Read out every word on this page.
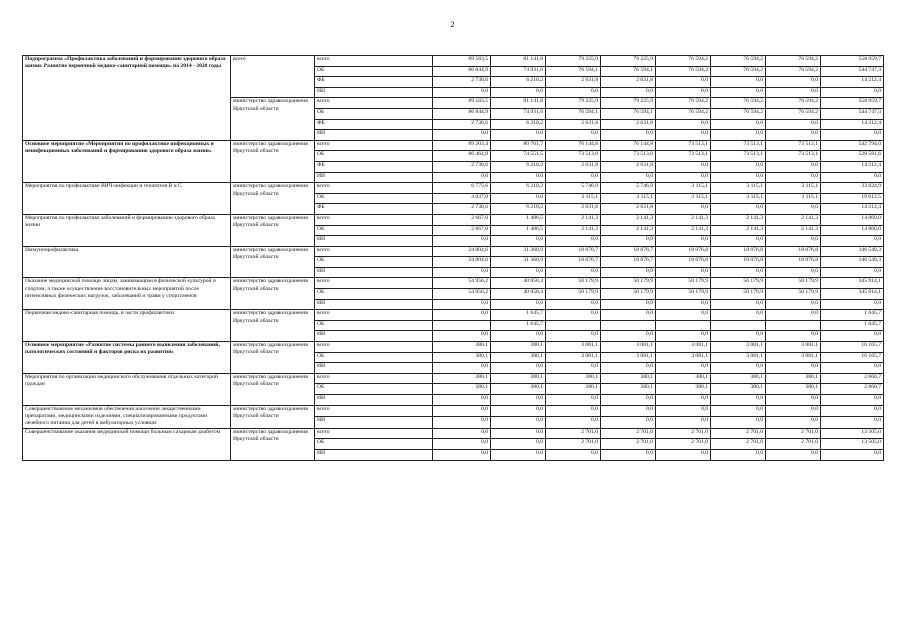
2
Подпрограмма «Профилактика заболеваний и формирование здорового образа жизни. Развитие первичной медико-санитарной помощи» на 2014 - 2020 годы	всего	всего	89 583,5	81 141,8	79 225,9	79 225,9	76 594,2	76 594,2	76 594,2	558 959,7
		ОБ	86 844,9	74 931,6	76 594,1	76 594,1	76 594,2	76 594,2	76 594,2	544 747,3
		ФБ	2 738,6	6 210,2	2 631,8	2 631,8	0,0	0,0	0,0	14 212,4
		ИИ	0,0	0,0	0,0	0,0	0,0	0,0	0,0	0,0
	министерство здравоохранения Иркутской области	всего	89 583,5	81 141,8	79 225,9	79 225,9	76 594,2	76 594,2	76 594,2	558 959,7
		ОБ	86 844,9	74 931,6	76 594,1	76 594,1	76 594,2	76 594,2	76 594,2	544 747,3
		ФБ	2 738,6	6 210,2	2 631,8	2 631,8	0,0	0,0	0,0	14 212,4
		ИИ	0,0	0,0	0,0	0,0	0,0	0,0	0,0	0,0
Основное мероприятие «Мероприятия по профилактике инфекционных и неинфекционных заболеваний и формированию здорового образа жизни»	министерство здравоохранения Иркутской области	всего	89 203,4	80 761,7	76 144,8	76 144,8	73 513,1	73 513,1	73 513,1	542 794,0
		ОБ	86 464,8	74 551,5	73 513,0	73 513,0	73 513,1	73 513,1	73 513,1	528 581,6
		ФБ	2 738,6	6 210,2	2 631,8	2 631,8	0,0	0,0	0,0	14 212,4
		ИИ	0,0	0,0	0,0	0,0	0,0	0,0	0,0	0,0
Мероприятия по профилактике ВИЧ-инфекции и гепатитов В и С	министерство здравоохранения Иркутской области	всего	6 775,6	6 210,2	5 746,9	5 746,9	3 115,1	3 115,1	3 115,1	33 824,9
		ОБ	4 037,0	0,0	3 115,1	3 115,1	3 115,1	3 115,1	3 115,1	19 612,5
		ФБ	2 738,6	6 210,2	2 631,8	2 631,8	0,0	0,0	0,0	14 212,4
Мероприятия по профилактике заболеваний и формированию здорового образа жизни	министерство здравоохранения Иркутской области	всего	2 667,0	1 486,5	2 141,3	2 141,3	2 141,3	2 141,3	2 141,3	14 860,0
		ОБ	2 667,0	1 486,5	2 141,3	2 141,3	2 141,3	2 141,3	2 141,3	14 860,0
		ИИ	0,0	0,0	0,0	0,0	0,0	0,0	0,0	0,0
Иммунопрофилактика	министерство здравоохранения Иркутской области	всего	24 804,6	31 360,9	18 076,7	18 076,7	18 076,8	18 076,8	18 076,8	146 549,3
		ОБ	24 804,6	31 360,9	18 076,7	18 076,7	18 076,8	18 076,8	18 076,8	146 549,3
		ИИ	0,0	0,0	0,0	0,0	0,0	0,0	0,0	0,0
Оказание медицинской помощи лицам, занимающимся физической культурой и спортом, а также осуществление восстановительных мероприятий после интенсивных физических нагрузок, заболеваний и травм у спортсменов	министерство здравоохранения Иркутской области	всего	54 956,2	40 058,4	50 179,9	50 179,9	50 179,9	50 179,9	50 179,9	345 914,1
		ОБ	54 956,2	40 058,4	50 179,9	50 179,9	50 179,9	50 179,9	50 179,9	345 914,1
		ИИ	0,0	0,0	0,0	0,0	0,0	0,0	0,0	0,0
Первичная медико-санитарная помощь, в части профилактики	министерство здравоохранения Иркутской области	всего	0,0	1 645,7	0,0	0,0	0,0	0,0	0,0	1 645,7
		ОБ		1 645,7						1 645,7
		ИИ	0,0	0,0	0,0	0,0	0,0	0,0	0,0	0,0
Основное мероприятие «Развитие системы раннего выявления заболеваний, патологических состояний и факторов риска их развития»	министерство здравоохранения Иркутской области	всего	380,1	380,1	3 081,1	3 081,1	3 081,1	3 081,1	3 081,1	16 165,7
		ОБ	380,1	380,1	3 081,1	3 081,1	3 081,1	3 081,1	3 081,1	16 165,7
		ИИ	0,0	0,0	0,0	0,0	0,0	0,0	0,0	0,0
Мероприятия по организации медицинского обслуживания отдельных категорий граждан	министерство здравоохранения Иркутской области	всего	380,1	380,1	380,1	380,1	380,1	380,1	380,1	2 660,7
		ОБ	380,1	380,1	380,1	380,1	380,1	380,1	380,1	2 660,7
		ИИ	0,0	0,0	0,0	0,0	0,0	0,0	0,0	0,0
Совершенствование механизмов обеспечения населения лекарственными препаратами, медицинскими изделиями, специализированными продуктами лечебного питания для детей в амбулаторных условиях	министерство здравоохранения Иркутской области	всего	0,0	0,0	0,0	0,0	0,0	0,0	0,0	0,0
		ИИ	0,0	0,0	0,0	0,0	0,0	0,0	0,0	0,0
Совершенствование оказания медицинской помощи больным сахарным диабетом	министерство здравоохранения Иркутской области	всего	0,0	0,0	2 701,0	2 701,0	2 701,0	2 701,0	2 701,0	13 505,0
		ОБ	0,0	0,0	2 701,0	2 701,0	2 701,0	2 701,0	2 701,0	13 505,0
		ИИ	0,0	0,0	0,0	0,0	0,0	0,0	0,0	0,0
